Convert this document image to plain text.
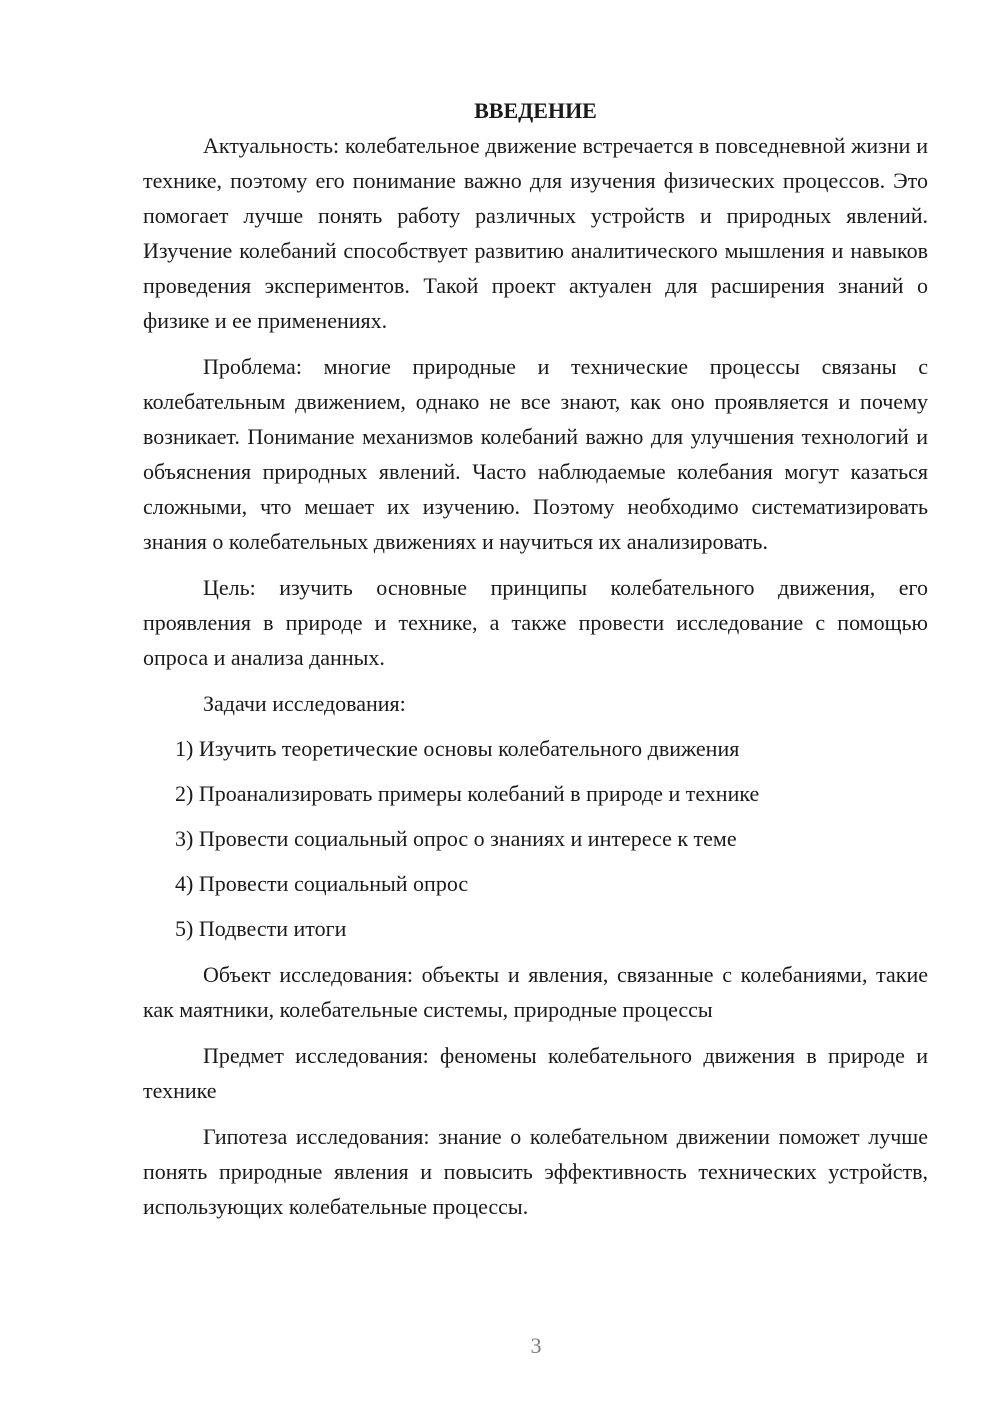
ВВЕДЕНИЕ

Актуальность: колебательное движение встречается в повседневной жизни и технике, поэтому его понимание важно для изучения физических процессов. Это помогает лучше понять работу различных устройств и природных явлений. Изучение колебаний способствует развитию аналитического мышления и навыков проведения экспериментов. Такой проект актуален для расширения знаний о физике и ее применениях.

Проблема: многие природные и технические процессы связаны с колебательным движением, однако не все знают, как оно проявляется и почему возникает. Понимание механизмов колебаний важно для улучшения технологий и объяснения природных явлений. Часто наблюдаемые колебания могут казаться сложными, что мешает их изучению. Поэтому необходимо систематизировать знания о колебательных движениях и научиться их анализировать.

Цель: изучить основные принципы колебательного движения, его проявления в природе и технике, а также провести исследование с помощью опроса и анализа данных.

Задачи исследования:

1) Изучить теоретические основы колебательного движения

2) Проанализировать примеры колебаний в природе и технике

3) Провести социальный опрос о знаниях и интересе к теме

4) Провести социальный опрос

5) Подвести итоги

Объект исследования: объекты и явления, связанные с колебаниями, такие как маятники, колебательные системы, природные процессы

Предмет исследования: феномены колебательного движения в природе и технике

Гипотеза исследования: знание о колебательном движении поможет лучше понять природные явления и повысить эффективность технических устройств, использующих колебательные процессы.

3
